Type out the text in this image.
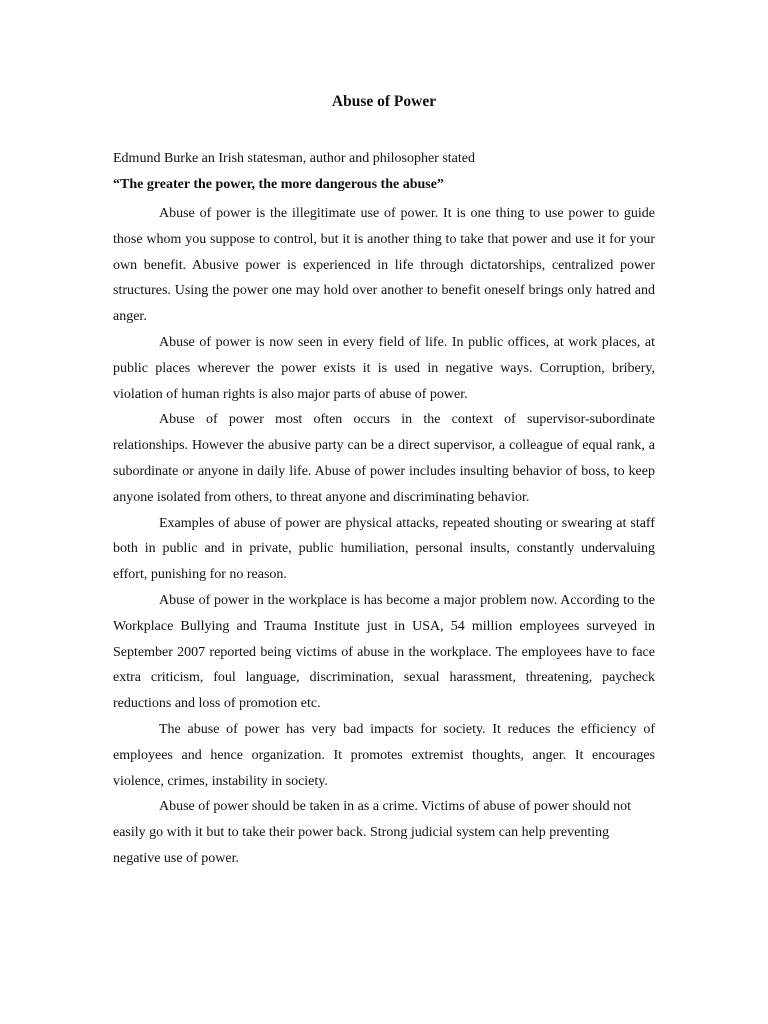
Abuse of Power

Edmund Burke an Irish statesman, author and philosopher stated

“The greater the power, the more dangerous the abuse”

Abuse of power is the illegitimate use of power. It is one thing to use power to guide those whom you suppose to control, but it is another thing to take that power and use it for your own benefit. Abusive power is experienced in life through dictatorships, centralized power structures. Using the power one may hold over another to benefit oneself brings only hatred and anger.

Abuse of power is now seen in every field of life. In public offices, at work places, at public places wherever the power exists it is used in negative ways. Corruption, bribery, violation of human rights is also major parts of abuse of power.

Abuse of power most often occurs in the context of supervisor-subordinate relationships. However the abusive party can be a direct supervisor, a colleague of equal rank, a subordinate or anyone in daily life. Abuse of power includes insulting behavior of boss, to keep anyone isolated from others, to threat anyone and discriminating behavior.

Examples of abuse of power are physical attacks, repeated shouting or swearing at staff both in public and in private, public humiliation, personal insults, constantly undervaluing effort, punishing for no reason.

Abuse of power in the workplace is has become a major problem now. According to the Workplace Bullying and Trauma Institute just in USA, 54 million employees surveyed in September 2007 reported being victims of abuse in the workplace. The employees have to face extra criticism, foul language, discrimination, sexual harassment, threatening, paycheck reductions and loss of promotion etc.

The abuse of power has very bad impacts for society. It reduces the efficiency of employees and hence organization. It promotes extremist thoughts, anger. It encourages violence, crimes, instability in society.

Abuse of power should be taken in as a crime. Victims of abuse of power should not easily go with it but to take their power back. Strong judicial system can help preventing negative use of power.
